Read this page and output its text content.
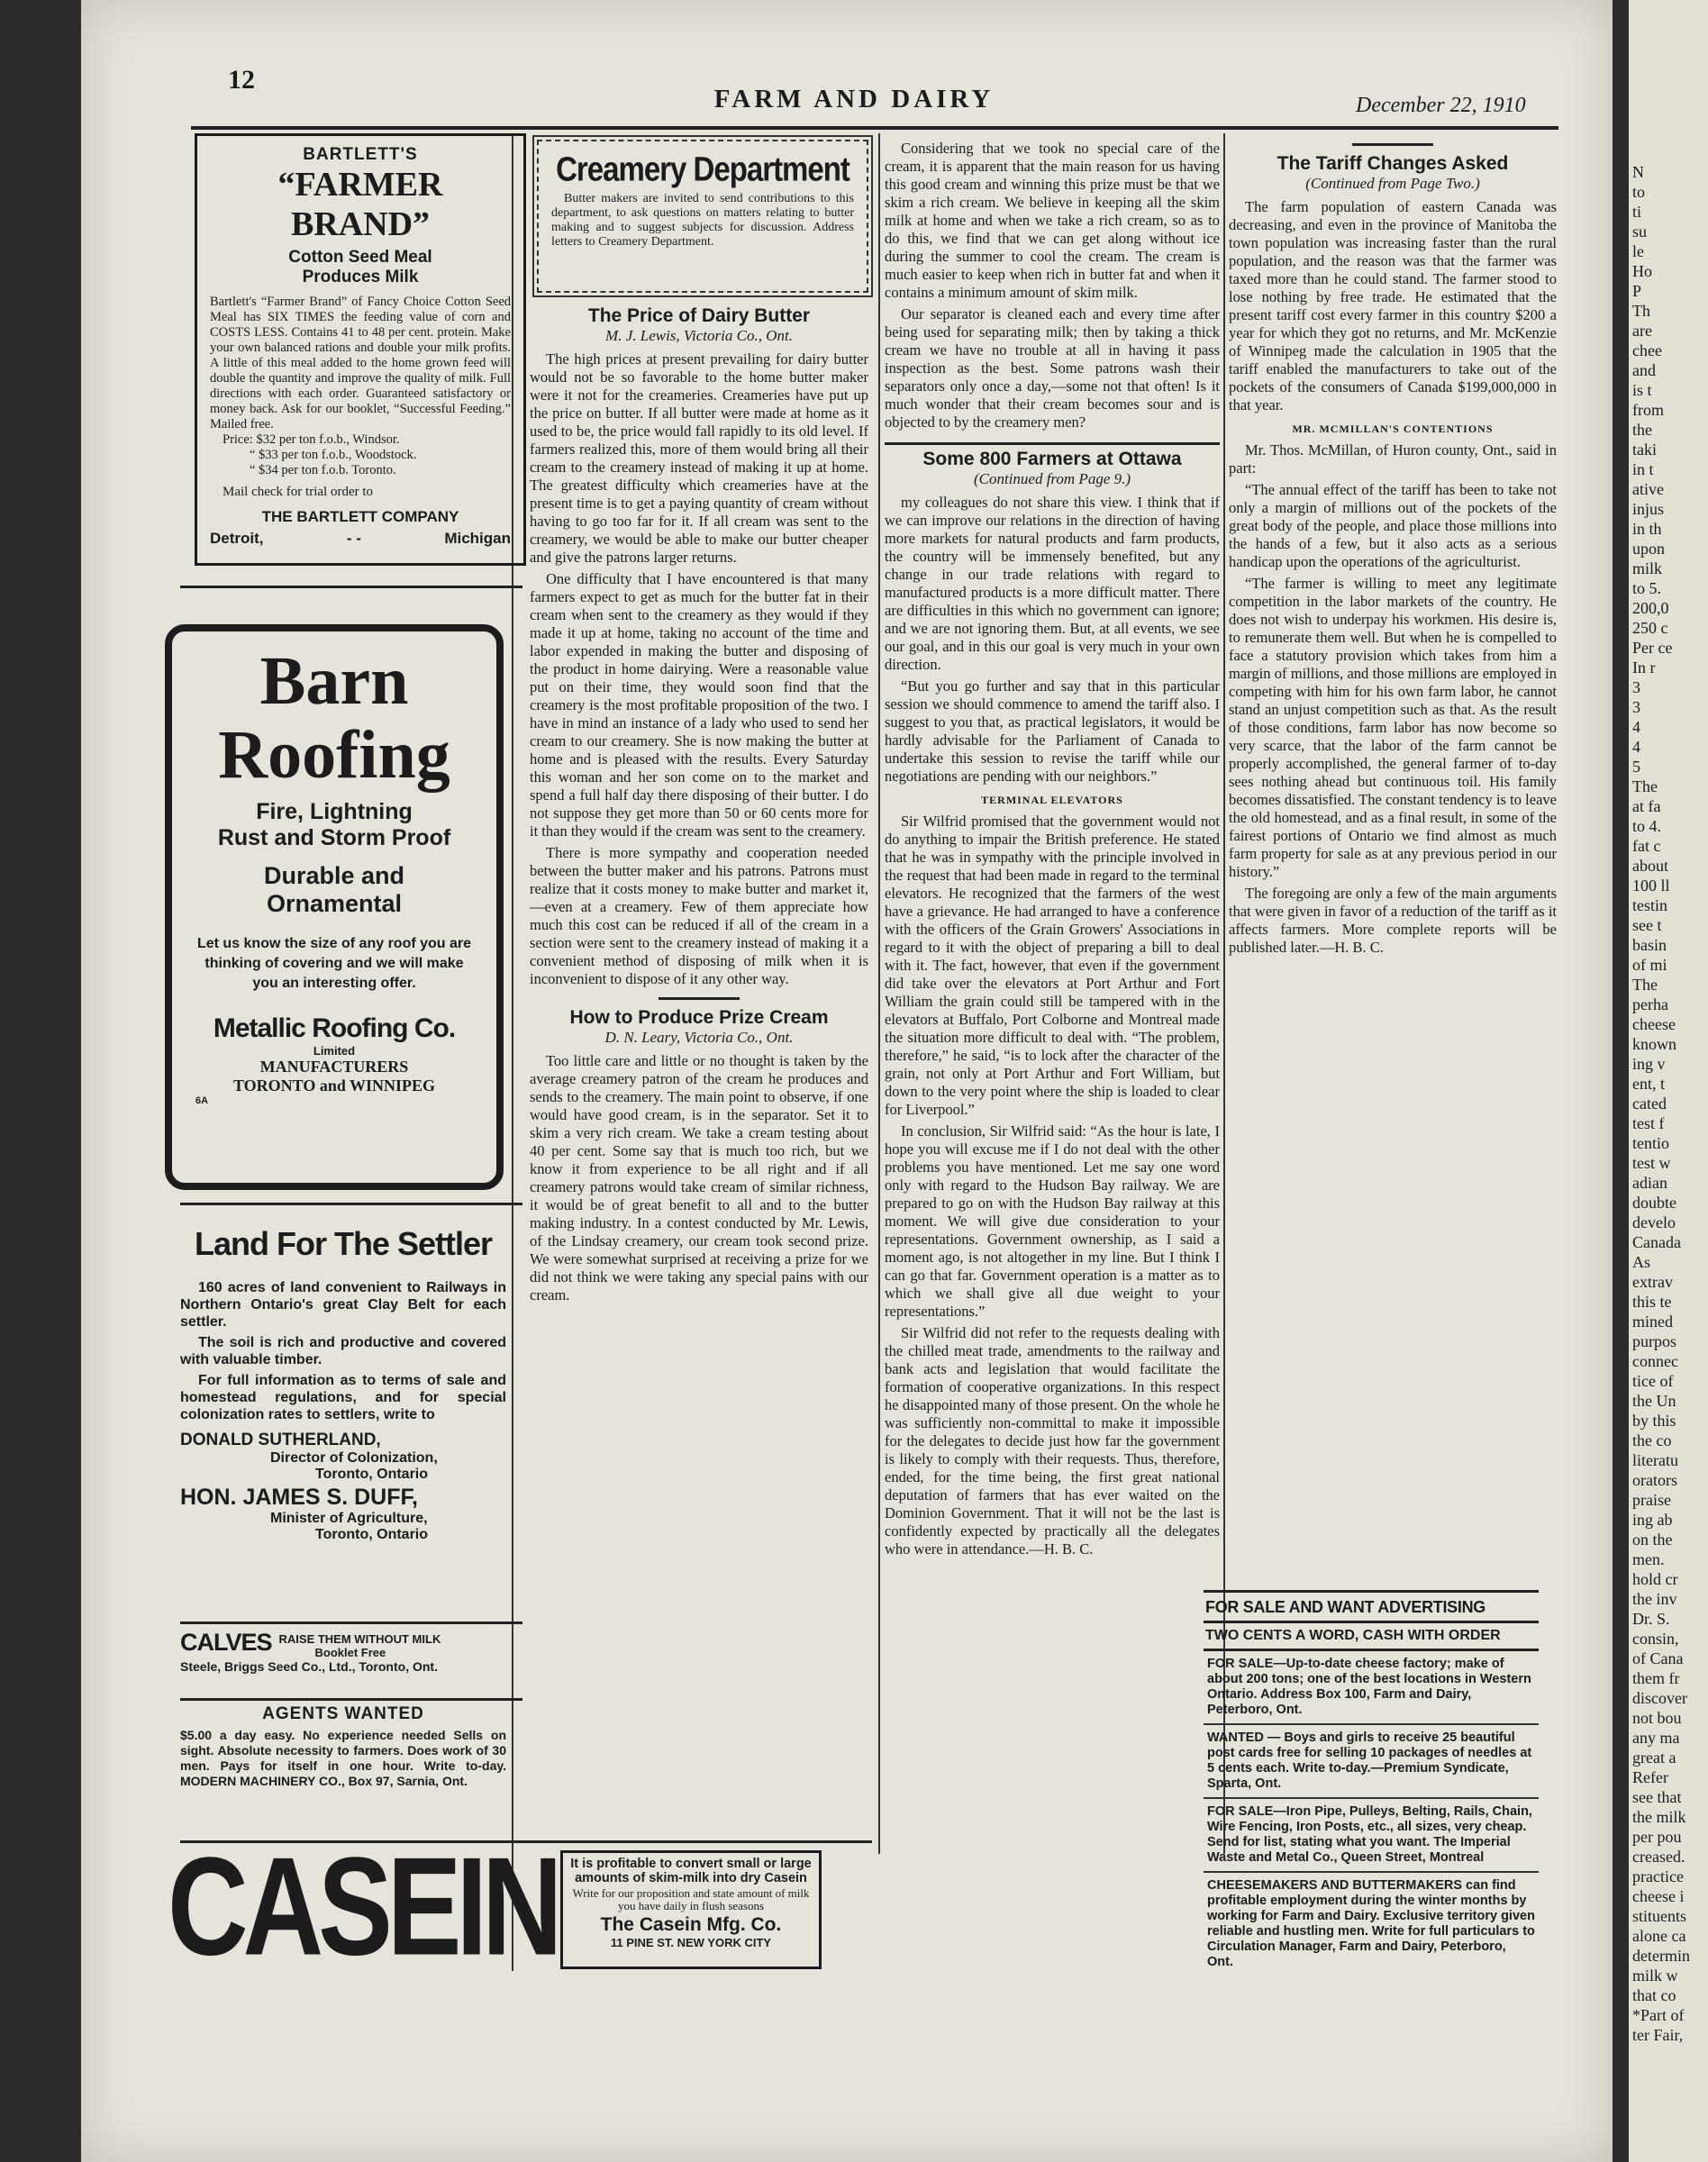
12
FARM AND DAIRY	December 22, 1910
BARTLETT'S
“FARMER BRAND”
Cotton Seed Meal
Produces Milk
Bartlett's “Farmer Brand” of Fancy Choice Cotton Seed Meal has SIX TIMES the feeding value of corn and COSTS LESS. Contains 41 to 48 per cent. protein. Make your own balanced rations and double your milk profits. A little of this meal added to the home grown feed will double the quantity and improve the quality of milk. Full directions with each order. Guaranteed satisfactory or money back. Ask for our booklet, “Successful Feeding.” Mailed free.
Price: $32 per ton f.o.b., Windsor.
“ $33 per ton f.o.b., Woodstock.
“ $34 per ton f.o.b. Toronto.
Mail check for trial order to
THE BARTLETT COMPANY
Detroit,	- -	Michigan
Barn
Roofing
Fire, Lightning
Rust and Storm Proof
Durable and
Ornamental
Let us know the size of any roof you are thinking of covering and we will make you an interesting offer.
Metallic Roofing Co.
Limited
MANUFACTURERS
TORONTO and WINNIPEG
6A
Land For The Settler
160 acres of land convenient to Railways in Northern Ontario's great Clay Belt for each settler.
The soil is rich and productive and covered with valuable timber.
For full information as to terms of sale and homestead regulations, and for special colonization rates to settlers, write to
DONALD SUTHERLAND,
Director of Colonization,
Toronto, Ontario
HON. JAMES S. DUFF,
Minister of Agriculture,
Toronto, Ontario
CALVES RAISE THEM WITHOUT MILK
Booklet Free
Steele, Briggs Seed Co., Ltd., Toronto, Ont.
AGENTS WANTED
$5.00 a day easy. No experience needed Sells on sight. Absolute necessity to farmers. Does work of 30 men. Pays for itself in one hour. Write to-day. MODERN MACHINERY CO., Box 97, Sarnia, Ont.
CASEIN It is profitable to convert small or large amounts of skim-milk into dry Casein
Write for our proposition and state amount of milk you have daily in flush seasons
The Casein Mfg. Co.
11 PINE ST. NEW YORK CITY
Creamery Department
Butter makers are invited to send contributions to this department, to ask questions on matters relating to butter making and to suggest subjects for discussion. Address letters to Creamery Department.
The Price of Dairy Butter
M. J. Lewis, Victoria Co., Ont.

The high prices at present prevailing for dairy butter would not be so favorable to the home butter maker were it not for the creameries. Creameries have put up the price on butter. If all butter were made at home as it used to be, the price would fall rapidly to its old level. If farmers realized this, more of them would bring all their cream to the creamery instead of making it up at home. The greatest difficulty which creameries have at the present time is to get a paying quantity of cream without having to go too far for it. If all cream was sent to the creamery, we would be able to make our butter cheaper and give the patrons larger returns.

One difficulty that I have encountered is that many farmers expect to get as much for the butter fat in their cream when sent to the creamery as they would if they made it up at home, taking no account of the time and labor expended in making the butter and disposing of the product in home dairying. Were a reasonable value put on their time, they would soon find that the creamery is the most profitable proposition of the two. I have in mind an instance of a lady who used to send her cream to our creamery. She is now making the butter at home and is pleased with the results. Every Saturday this woman and her son come on to the market and spend a full half day there disposing of their butter. I do not suppose they get more than 50 or 60 cents more for it than they would if the cream was sent to the creamery.

There is more sympathy and cooperation needed between the butter maker and his patrons. Patrons must realize that it costs money to make butter and market it,—even at a creamery. Few of them appreciate how much this cost can be reduced if all of the cream in a section were sent to the creamery instead of making it a convenient method of disposing of milk when it is inconvenient to dispose of it any other way.

How to Produce Prize Cream
D. N. Leary, Victoria Co., Ont.

Too little care and little or no thought is taken by the average creamery patron of the cream he produces and sends to the creamery. The main point to observe, if one would have good cream, is in the separator. Set it to skim a very rich cream. We take a cream testing about 40 per cent. Some say that is much too rich, but we know it from experience to be all right and if all creamery patrons would take cream of similar richness, it would be of great benefit to all and to the butter making industry. In a contest conducted by Mr. Lewis, of the Lindsay creamery, our cream took second prize. We were somewhat surprised at receiving a prize for we did not think we were taking any special pains with our cream.

Considering that we took no special care of the cream, it is apparent that the main reason for us having this good cream and winning this prize must be that we skim a rich cream. We believe in keeping all the skim milk at home and when we take a rich cream, so as to do this, we find that we can get along without ice during the summer to cool the cream. The cream is much easier to keep when rich in butter fat and when it contains a minimum amount of skim milk.

Our separator is cleaned each and every time after being used for separating milk; then by taking a thick cream we have no trouble at all in having it pass inspection as the best. Some patrons wash their separators only once a day,—some not that often! Is it much wonder that their cream becomes sour and is objected to by the creamery men?

Some 800 Farmers at Ottawa
(Continued from Page 9.)

my colleagues do not share this view. I think that if we can improve our relations in the direction of having more markets for natural products and farm products, the country will be immensely benefited, but any change in our trade relations with regard to manufactured products is a more difficult matter. There are difficulties in this which no government can ignore; and we are not ignoring them. But, at all events, we see our goal, and in this our goal is very much in your own direction.

“But you go further and say that in this particular session we should commence to amend the tariff also. I suggest to you that, as practical legislators, it would be hardly advisable for the Parliament of Canada to undertake this session to revise the tariff while our negotiations are pending with our neighbors.”

TERMINAL ELEVATORS

Sir Wilfrid promised that the government would not do anything to impair the British preference. He stated that he was in sympathy with the principle involved in the request that had been made in regard to the terminal elevators. He recognized that the farmers of the west have a grievance. He had arranged to have a conference with the officers of the Grain Growers' Associations in regard to it with the object of preparing a bill to deal with it. The fact, however, that even if the government did take over the elevators at Port Arthur and Fort William the grain could still be tampered with in the elevators at Buffalo, Port Colborne and Montreal made the situation more difficult to deal with. “The problem, therefore,” he said, “is to lock after the character of the grain, not only at Port Arthur and Fort William, but down to the very point where the ship is loaded to clear for Liverpool.”

In conclusion, Sir Wilfrid said: “As the hour is late, I hope you will excuse me if I do not deal with the other problems you have mentioned. Let me say one word only with regard to the Hudson Bay railway. We are prepared to go on with the Hudson Bay railway at this moment. We will give due consideration to your representations. Government ownership, as I said a moment ago, is not altogether in my line. But I think I can go that far. Government operation is a matter as to which we shall give all due weight to your representations.”

Sir Wilfrid did not refer to the requests dealing with the chilled meat trade, amendments to the railway and bank acts and legislation that would facilitate the formation of cooperative organizations. In this respect he disappointed many of those present. On the whole he was sufficiently non-committal to make it impossible for the delegates to decide just how far the government is likely to comply with their requests. Thus, therefore, ended, for the time being, the first great national deputation of farmers that has ever waited on the Dominion Government. That it will not be the last is confidently expected by practically all the delegates who were in attendance.—H. B. C.

The Tariff Changes Asked
(Continued from Page Two.)

The farm population of eastern Canada was decreasing, and even in the province of Manitoba the town population was increasing faster than the rural population, and the reason was that the farmer was taxed more than he could stand. The farmer stood to lose nothing by free trade. He estimated that the present tariff cost every farmer in this country $200 a year for which they got no returns, and Mr. McKenzie of Winnipeg made the calculation in 1905 that the tariff enabled the manufacturers to take out of the pockets of the consumers of Canada $199,000,000 in that year.

MR. MCMILLAN'S CONTENTIONS

Mr. Thos. McMillan, of Huron county, Ont., said in part:

“The annual effect of the tariff has been to take not only a margin of millions out of the pockets of the great body of the people, and place those millions into the hands of a few, but it also acts as a serious handicap upon the operations of the agriculturist.

“The farmer is willing to meet any legitimate competition in the labor markets of the country. He does not wish to underpay his workmen. His desire is, to remunerate them well. But when he is compelled to face a statutory provision which takes from him a margin of millions, and those millions are employed in competing with him for his own farm labor, he cannot stand an unjust competition such as that. As the result of those conditions, farm labor has now become so very scarce, that the labor of the farm cannot be properly accomplished, the general farmer of to-day sees nothing ahead but continuous toil. His family becomes dissatisfied. The constant tendency is to leave the old homestead, and as a final result, in some of the fairest portions of Ontario we find almost as much farm property for sale as at any previous period in our history.”

The foregoing are only a few of the main arguments that were given in favor of a reduction of the tariff as it affects farmers. More complete reports will be published later.—H. B. C.

FOR SALE AND WANT ADVERTISING
TWO CENTS A WORD, CASH WITH ORDER

FOR SALE—Up-to-date cheese factory; make of about 200 tons; one of the best locations in Western Ontario. Address Box 100, Farm and Dairy, Peterboro, Ont.

WANTED — Boys and girls to receive 25 beautiful post cards free for selling 10 packages of needles at 5 cents each. Write to-day.—Premium Syndicate, Sparta, Ont.

FOR SALE—Iron Pipe, Pulleys, Belting, Rails, Chain, Wire Fencing, Iron Posts, etc., all sizes, very cheap. Send for list, stating what you want. The Imperial Waste and Metal Co., Queen Street, Montreal

CHEESEMAKERS AND BUTTERMAKERS can find profitable employment during the winter months by working for Farm and Dairy. Exclusive territory given reliable and hustling men. Write for full particulars to Circulation Manager, Farm and Dairy, Peterboro, Ont.

N
to
ti
su
le
Ho
P
Th
are
chee
and
is t
from
the
taki
in t
ative
injus
in th
upon
milk
to 5.
200,0
250 c
Per ce
In r
3
3
4
4
5
The
at fa
to 4.
fat c
about
100 ll
testin
see t
basin
of mi
The
perha
cheese
known
ing v
ent, t
cated
test f
tentio
test w
adian
doubte
develo
Canada
As
extrav
this te
mined
purpos
connec
tice of
the Un
by this
the co
literatu
orators
praise
ing ab
on the
men.
hold cr
the inv
Dr. S.
consin,
of Cana
them fr
discover
not bou
any ma
great a
Refer
see that
the milk
per pou
creased.
practice
cheese i
stituents
alone ca
determin
milk w
that co
*Part of
ter Fair,
